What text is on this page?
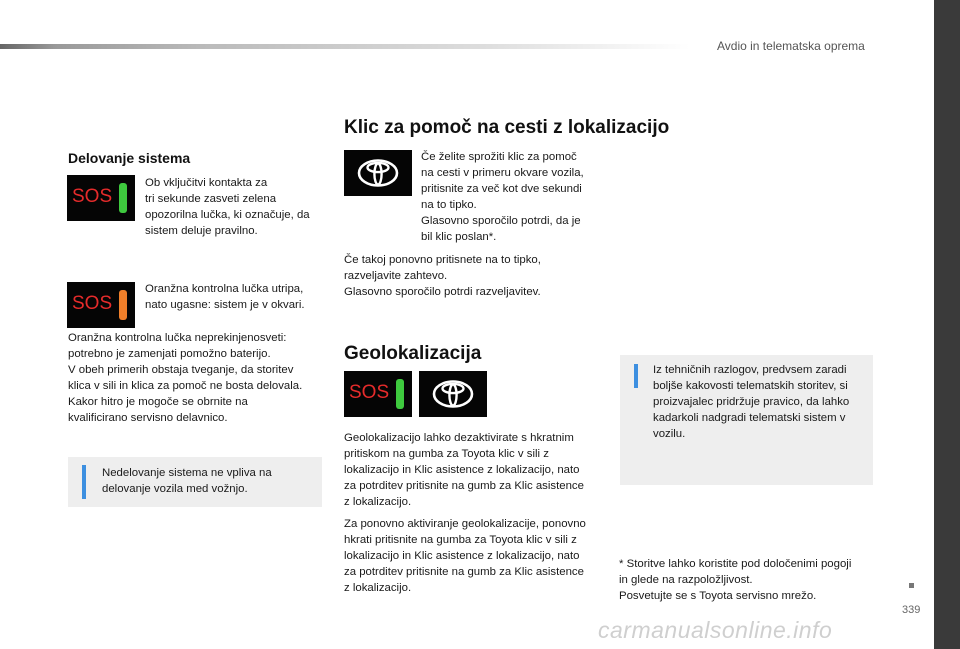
Avdio in telematska oprema
339
Delovanje sistema
SOS
Ob vključitvi kontakta za
tri sekunde zasveti zelena
opozorilna lučka, ki označuje, da
sistem deluje pravilno.
SOS
Oranžna kontrolna lučka utripa,
nato ugasne: sistem je v okvari.
Oranžna kontrolna lučka neprekinjenosveti:
potrebno je zamenjati pomožno baterijo.
V obeh primerih obstaja tveganje, da storitev
klica v sili in klica za pomoč ne bosta delovala.
Kakor hitro je mogoče se obrnite na
kvalificirano servisno delavnico.
Nedelovanje sistema ne vpliva na
delovanje vozila med vožnjo.
Klic za pomoč na cesti z lokalizacijo
Če želite sprožiti klic za pomoč
na cesti v primeru okvare vozila,
pritisnite za več kot dve sekundi
na to tipko.
Glasovno sporočilo potrdi, da je
bil klic poslan*.
Če takoj ponovno pritisnete na to tipko,
razveljavite zahtevo.
Glasovno sporočilo potrdi razveljavitev.
Geolokalizacija
SOS
Geolokalizacijo lahko dezaktivirate s hkratnim
pritiskom na gumba za Toyota klic v sili z
lokalizacijo in Klic asistence z lokalizacijo, nato
za potrditev pritisnite na gumb za Klic asistence
z lokalizacijo.
Za ponovno aktiviranje geolokalizacije, ponovno
hkrati pritisnite na gumba za Toyota klic v sili z
lokalizacijo in Klic asistence z lokalizacijo, nato
za potrditev pritisnite na gumb za Klic asistence
z lokalizacijo.
Iz tehničnih razlogov, predvsem zaradi
boljše kakovosti telematskih storitev, si
proizvajalec pridržuje pravico, da lahko
kadarkoli nadgradi telematski sistem v
vozilu.
* Storitve lahko koristite pod določenimi pogoji
in glede na razpoložljivost.
Posvetujte se s Toyota servisno mrežo.
carmanualsonline.info
